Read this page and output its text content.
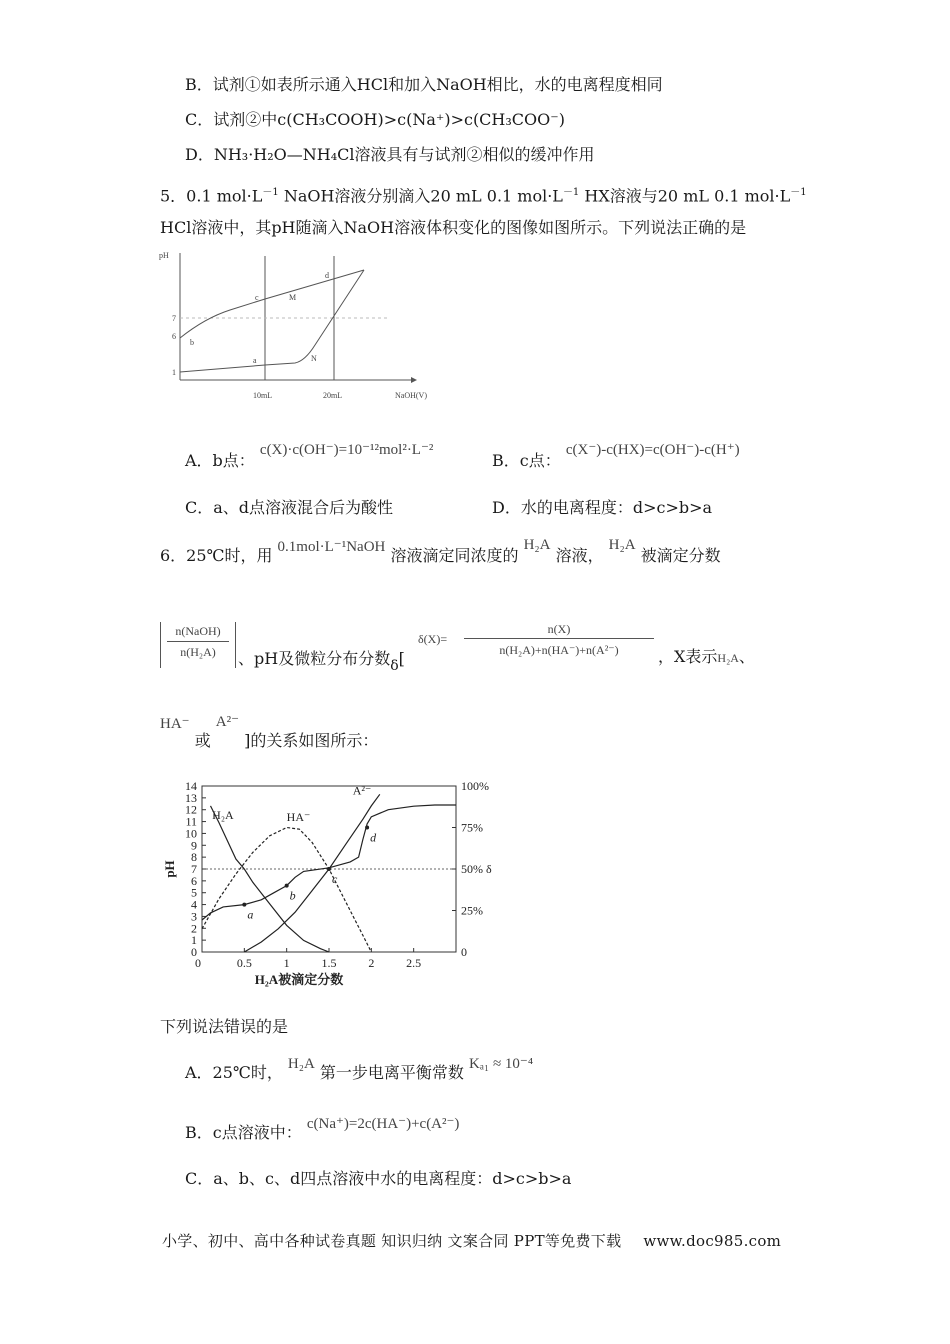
B．试剂①如表所示通入HCl和加入NaOH相比，水的电离程度相同
C．试剂②中c(CH₃COOH)>c(Na⁺)>c(CH₃COO⁻)
D．NH₃·H₂O—NH₄Cl溶液具有与试剂②相似的缓冲作用
5．0.1 $mol\cdot L^{-1}$ NaOH溶液分别滴入20 mL 0.1 $mol\cdot L^{-1}$ HX溶液与20 mL 0.1 $mol\cdot L^{-1}$
HCl溶液中，其pH随滴入NaOH溶液体积变化的图像如图所示。下列说法正确的是
pH
7
6
1
10mL	20mL	NaOH(V)
d
c	M
b
a	N
A．b点： c(X)·c(OH⁻)=10⁻¹²mol²·L⁻²
B．c点： c(X⁻)-c(HX)=c(OH⁻)-c(H⁺)
C．a、d点溶液混合后为酸性	D．水的电离程度：d>c>b>a
6．25℃时，用 0.1mol·L⁻¹NaOH 溶液滴定同浓度的 H₂A 溶液， H₂A 被滴定分数
n(NaOH)
n(H₂A)	、pH及微粒分布分数δ[
δ(X)=
n(X)
n(H₂A)+n(HA⁻)+n(A²⁻)	，X表示H₂A、
HA⁻ 或 A²⁻ ]的关系如图所示：
0
1
2
3
4
5
6
7
8
9
10
11
12
13
14
0
25%
50% δ
75%
100%
0.5	1	1.5	2	2.5
0
H₂A被滴定分数
pH
H₂A	HA⁻
A²⁻
a
b
c
d
下列说法错误的是
A．25℃时， H₂A 第一步电离平衡常数 Kₐ₁ ≈ 10⁻⁴
B．c点溶液中： c(Na⁺)=2c(HA⁻)+c(A²⁻)
C．a、b、c、d四点溶液中水的电离程度：d>c>b>a
小学、初中、高中各种试卷真题 知识归纳 文案合同 PPT等免费下载 www.doc985.com
